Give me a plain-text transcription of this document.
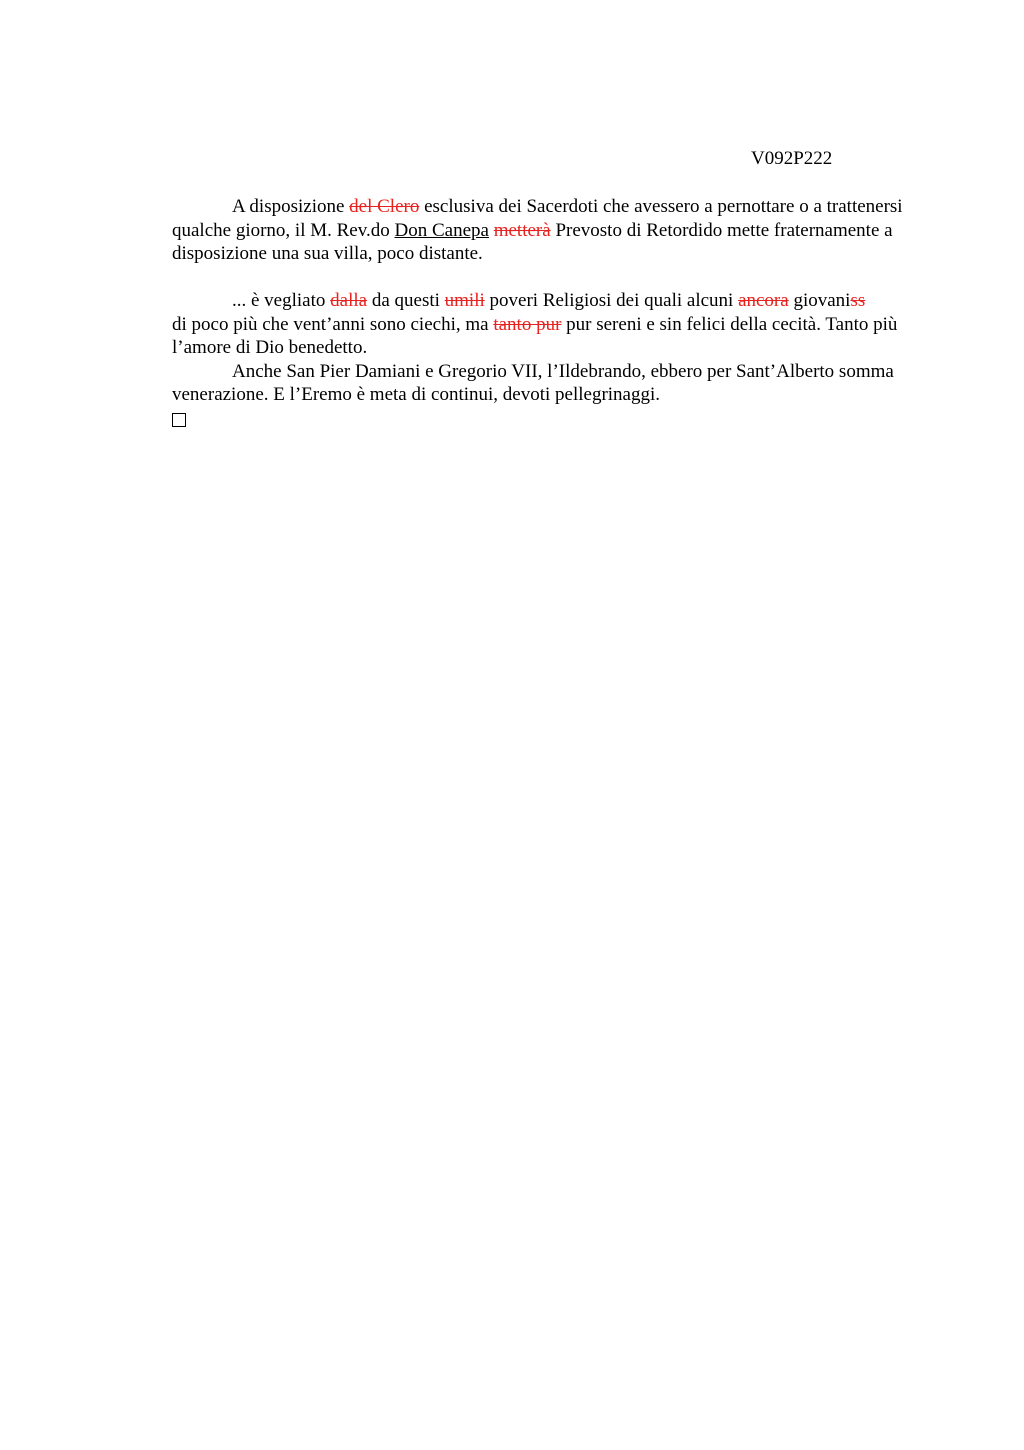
V092P222

A disposizione del Clero esclusiva dei Sacerdoti che avessero a pernottare o a trattenersi qualche giorno, il M. Rev.do Don Canepa metterà Prevosto di Retordido mette fraternamente a disposizione una sua villa, poco distante.

... è vegliato dalla da questi umili poveri Religiosi dei quali alcuni ancora giovaniss
di poco più che vent’anni sono ciechi, ma tanto pur pur sereni e sin felici della cecità. Tanto più l’amore di Dio benedetto.

Anche San Pier Damiani e Gregorio VII, l’Ildebrando, ebbero per Sant’Alberto somma venerazione. E l’Eremo è meta di continui, devoti pellegrinaggi.
